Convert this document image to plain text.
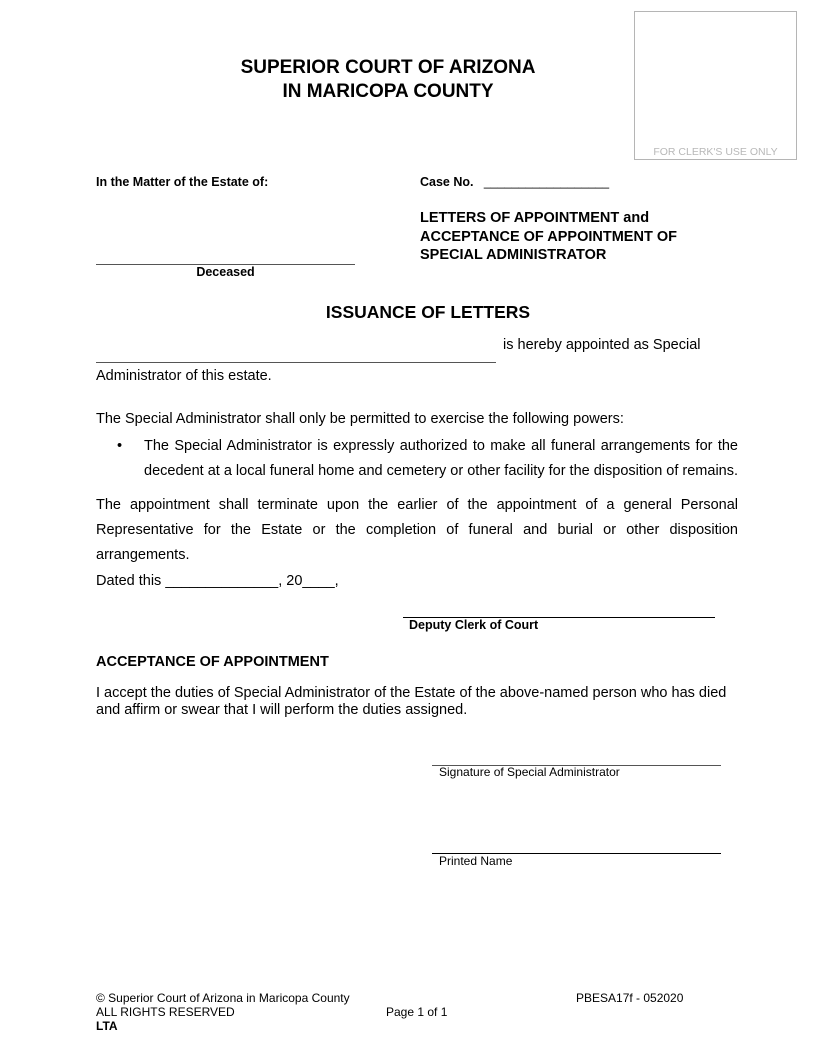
FOR CLERK'S USE ONLY
SUPERIOR COURT OF ARIZONA
IN MARICOPA COUNTY
In the Matter of the Estate of:
Deceased
Case No. __________________
LETTERS OF APPOINTMENT and
ACCEPTANCE OF APPOINTMENT OF
SPECIAL ADMINISTRATOR
ISSUANCE OF LETTERS
is hereby appointed as Special
Administrator of this estate.
The Special Administrator shall only be permitted to exercise the following powers:
• The Special Administrator is expressly authorized to make all funeral arrangements for the decedent at a local funeral home and cemetery or other facility for the disposition of remains.
The appointment shall terminate upon the earlier of the appointment of a general Personal Representative for the Estate or the completion of funeral and burial or other disposition arrangements.
Dated this ______________, 20____,
Deputy Clerk of Court
ACCEPTANCE OF APPOINTMENT
I accept the duties of Special Administrator of the Estate of the above-named person who has died and affirm or swear that I will perform the duties assigned.
Signature of Special Administrator
Printed Name
© Superior Court of Arizona in Maricopa County
ALL RIGHTS RESERVED
LTA
Page 1 of 1
PBESA17f - 052020
